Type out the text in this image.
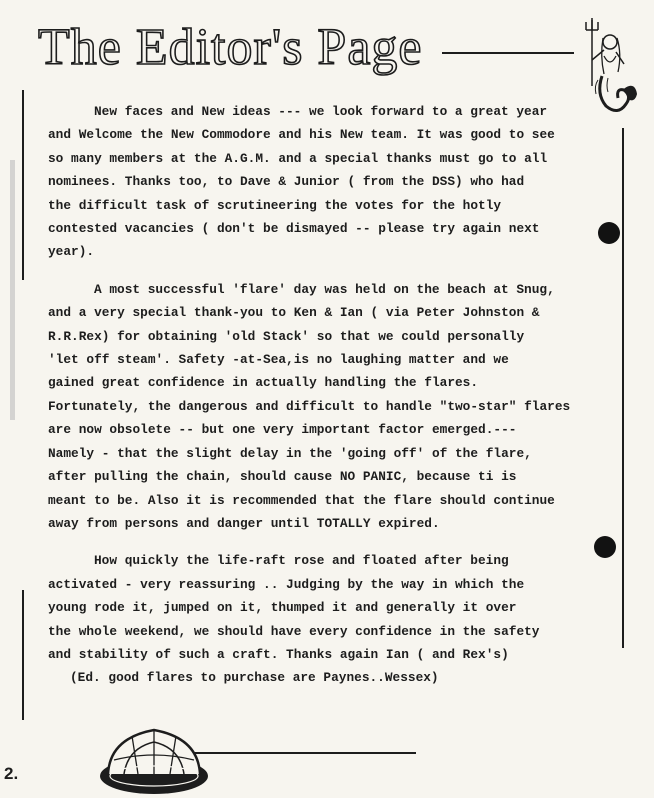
The Editor's Page

New faces and New ideas --- we look forward to a great year

and Welcome the New Commodore and his New team. It was good to see

so many members at the A.G.M. and a special thanks must go to all

nominees. Thanks too, to Dave & Junior ( from the DSS) who had

the difficult task of scrutineering the votes for the hotly

contested vacancies ( don't be dismayed -- please try again next

year).

A most successful 'flare' day was held on the beach at Snug,

and a very special thank-you to Ken & Ian ( via Peter Johnston &

R.R.Rex) for obtaining 'old Stack' so that we could personally

'let off steam'. Safety -at-Sea,is no laughing matter and we

gained great confidence in actually handling the flares.

Fortunately, the dangerous and difficult to handle "two-star" flares

are now obsolete -- but one very important factor emerged.---

Namely - that the slight delay in the 'going off' of the flare,

after pulling the chain, should cause NO PANIC, because ti is

meant to be. Also it is recommended that the flare should continue

away from persons and danger until TOTALLY expired.

How quickly the life-raft rose and floated after being

activated - very reassuring .. Judging by the way in which the

young rode it, jumped on it, thumped it and generally it over

the whole weekend, we should have every confidence in the safety

and stability of such a craft. Thanks again Ian ( and Rex's)

(Ed. good flares to purchase are Paynes..Wessex)

2.
